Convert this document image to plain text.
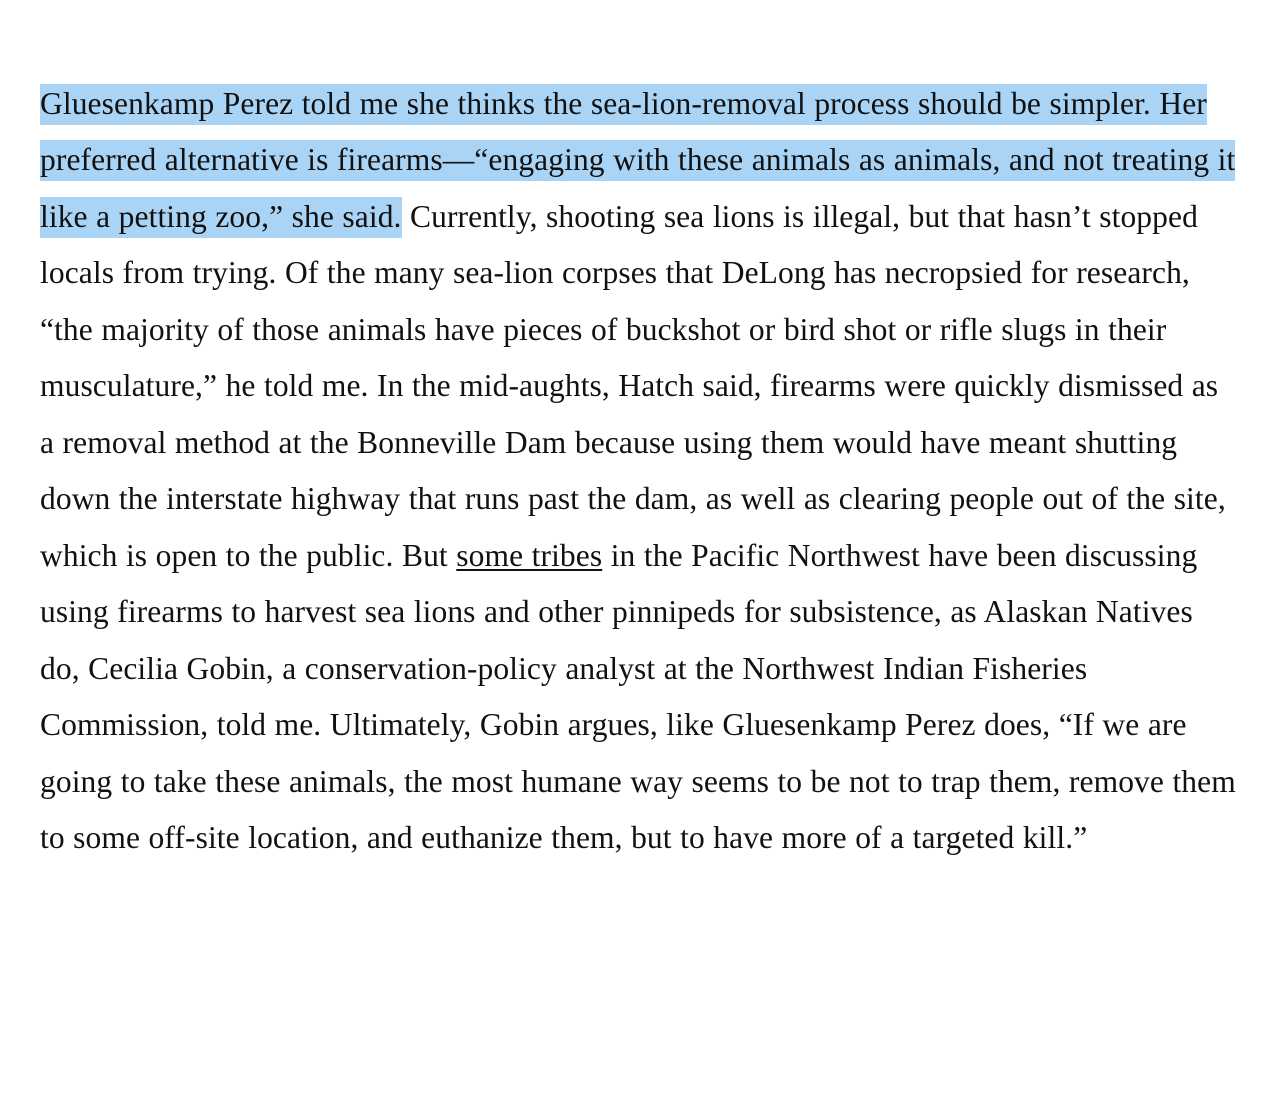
Gluesenkamp Perez told me she thinks the sea-lion-removal process should be simpler. Her preferred alternative is firearms—“engaging with these animals as animals, and not treating it like a petting zoo,” she said. Currently, shooting sea lions is illegal, but that hasn’t stopped locals from trying. Of the many sea-lion corpses that DeLong has necropsied for research, “the majority of those animals have pieces of buckshot or bird shot or rifle slugs in their musculature,” he told me. In the mid-aughts, Hatch said, firearms were quickly dismissed as a removal method at the Bonneville Dam because using them would have meant shutting down the interstate highway that runs past the dam, as well as clearing people out of the site, which is open to the public. But some tribes in the Pacific Northwest have been discussing using firearms to harvest sea lions and other pinnipeds for subsistence, as Alaskan Natives do, Cecilia Gobin, a conservation-policy analyst at the Northwest Indian Fisheries Commission, told me. Ultimately, Gobin argues, like Gluesenkamp Perez does, “If we are going to take these animals, the most humane way seems to be not to trap them, remove them to some off-site location, and euthanize them, but to have more of a targeted kill.”
